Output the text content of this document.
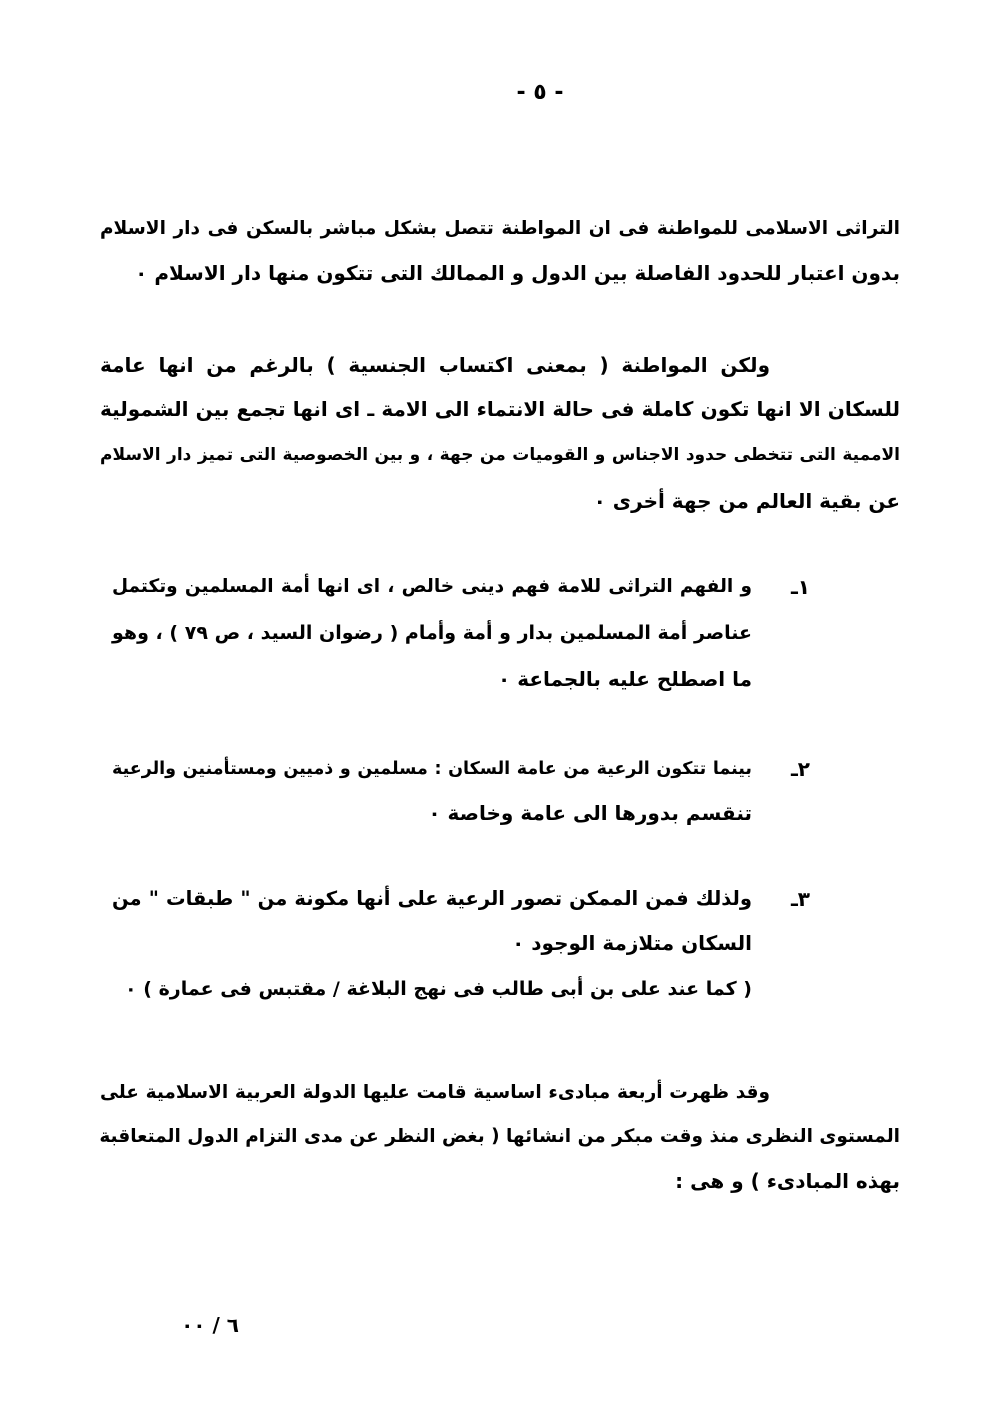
- ٥ -
التراثى الاسلامى للمواطنة فى ان المواطنة تتصل بشكل مباشر بالسكن فى دار الاسلام
بدون اعتبار للحدود الفاصلة بين الدول و الممالك التى تتكون منها دار الاسلام ٠
ولكن المواطنة ( بمعنى اكتساب الجنسية ) بالرغم من انها عامة
للسكان الا انها تكون كاملة فى حالة الانتماء الى الامة ـ اى انها تجمع بين الشمولية
الاممية التى تتخطى حدود الاجناس و القوميات من جهة ، و بين الخصوصية التى تميز دار الاسلام
عن بقية العالم من جهة أخرى ٠
١ـ
و الفهم التراثى للامة فهم دينى خالص ، اى انها أمة المسلمين وتكتمل
عناصر أمة المسلمين بدار و أمة وأمام ( رضوان السيد ، ص ٧٩ ) ، وهو
ما اصطلح عليه بالجماعة ٠
٢ـ
بينما تتكون الرعية من عامة السكان : مسلمين و ذميين ومستأمنين والرعية
تنقسم بدورها الى عامة وخاصة ٠
٣ـ
ولذلك فمن الممكن تصور الرعية على أنها مكونة من " طبقات " من
السكان متلازمة الوجود ٠
( كما عند على بن أبى طالب فى نهج البلاغة / مقتبس فى عمارة ) ٠
وقد ظهرت أربعة مبادىء اساسية قامت عليها الدولة العربية الاسلامية على
المستوى النظرى منذ وقت مبكر من انشائها ( بغض النظر عن مدى التزام الدول المتعاقبة
بهذه المبادىء ) و هى :
٦ / ٠٠
